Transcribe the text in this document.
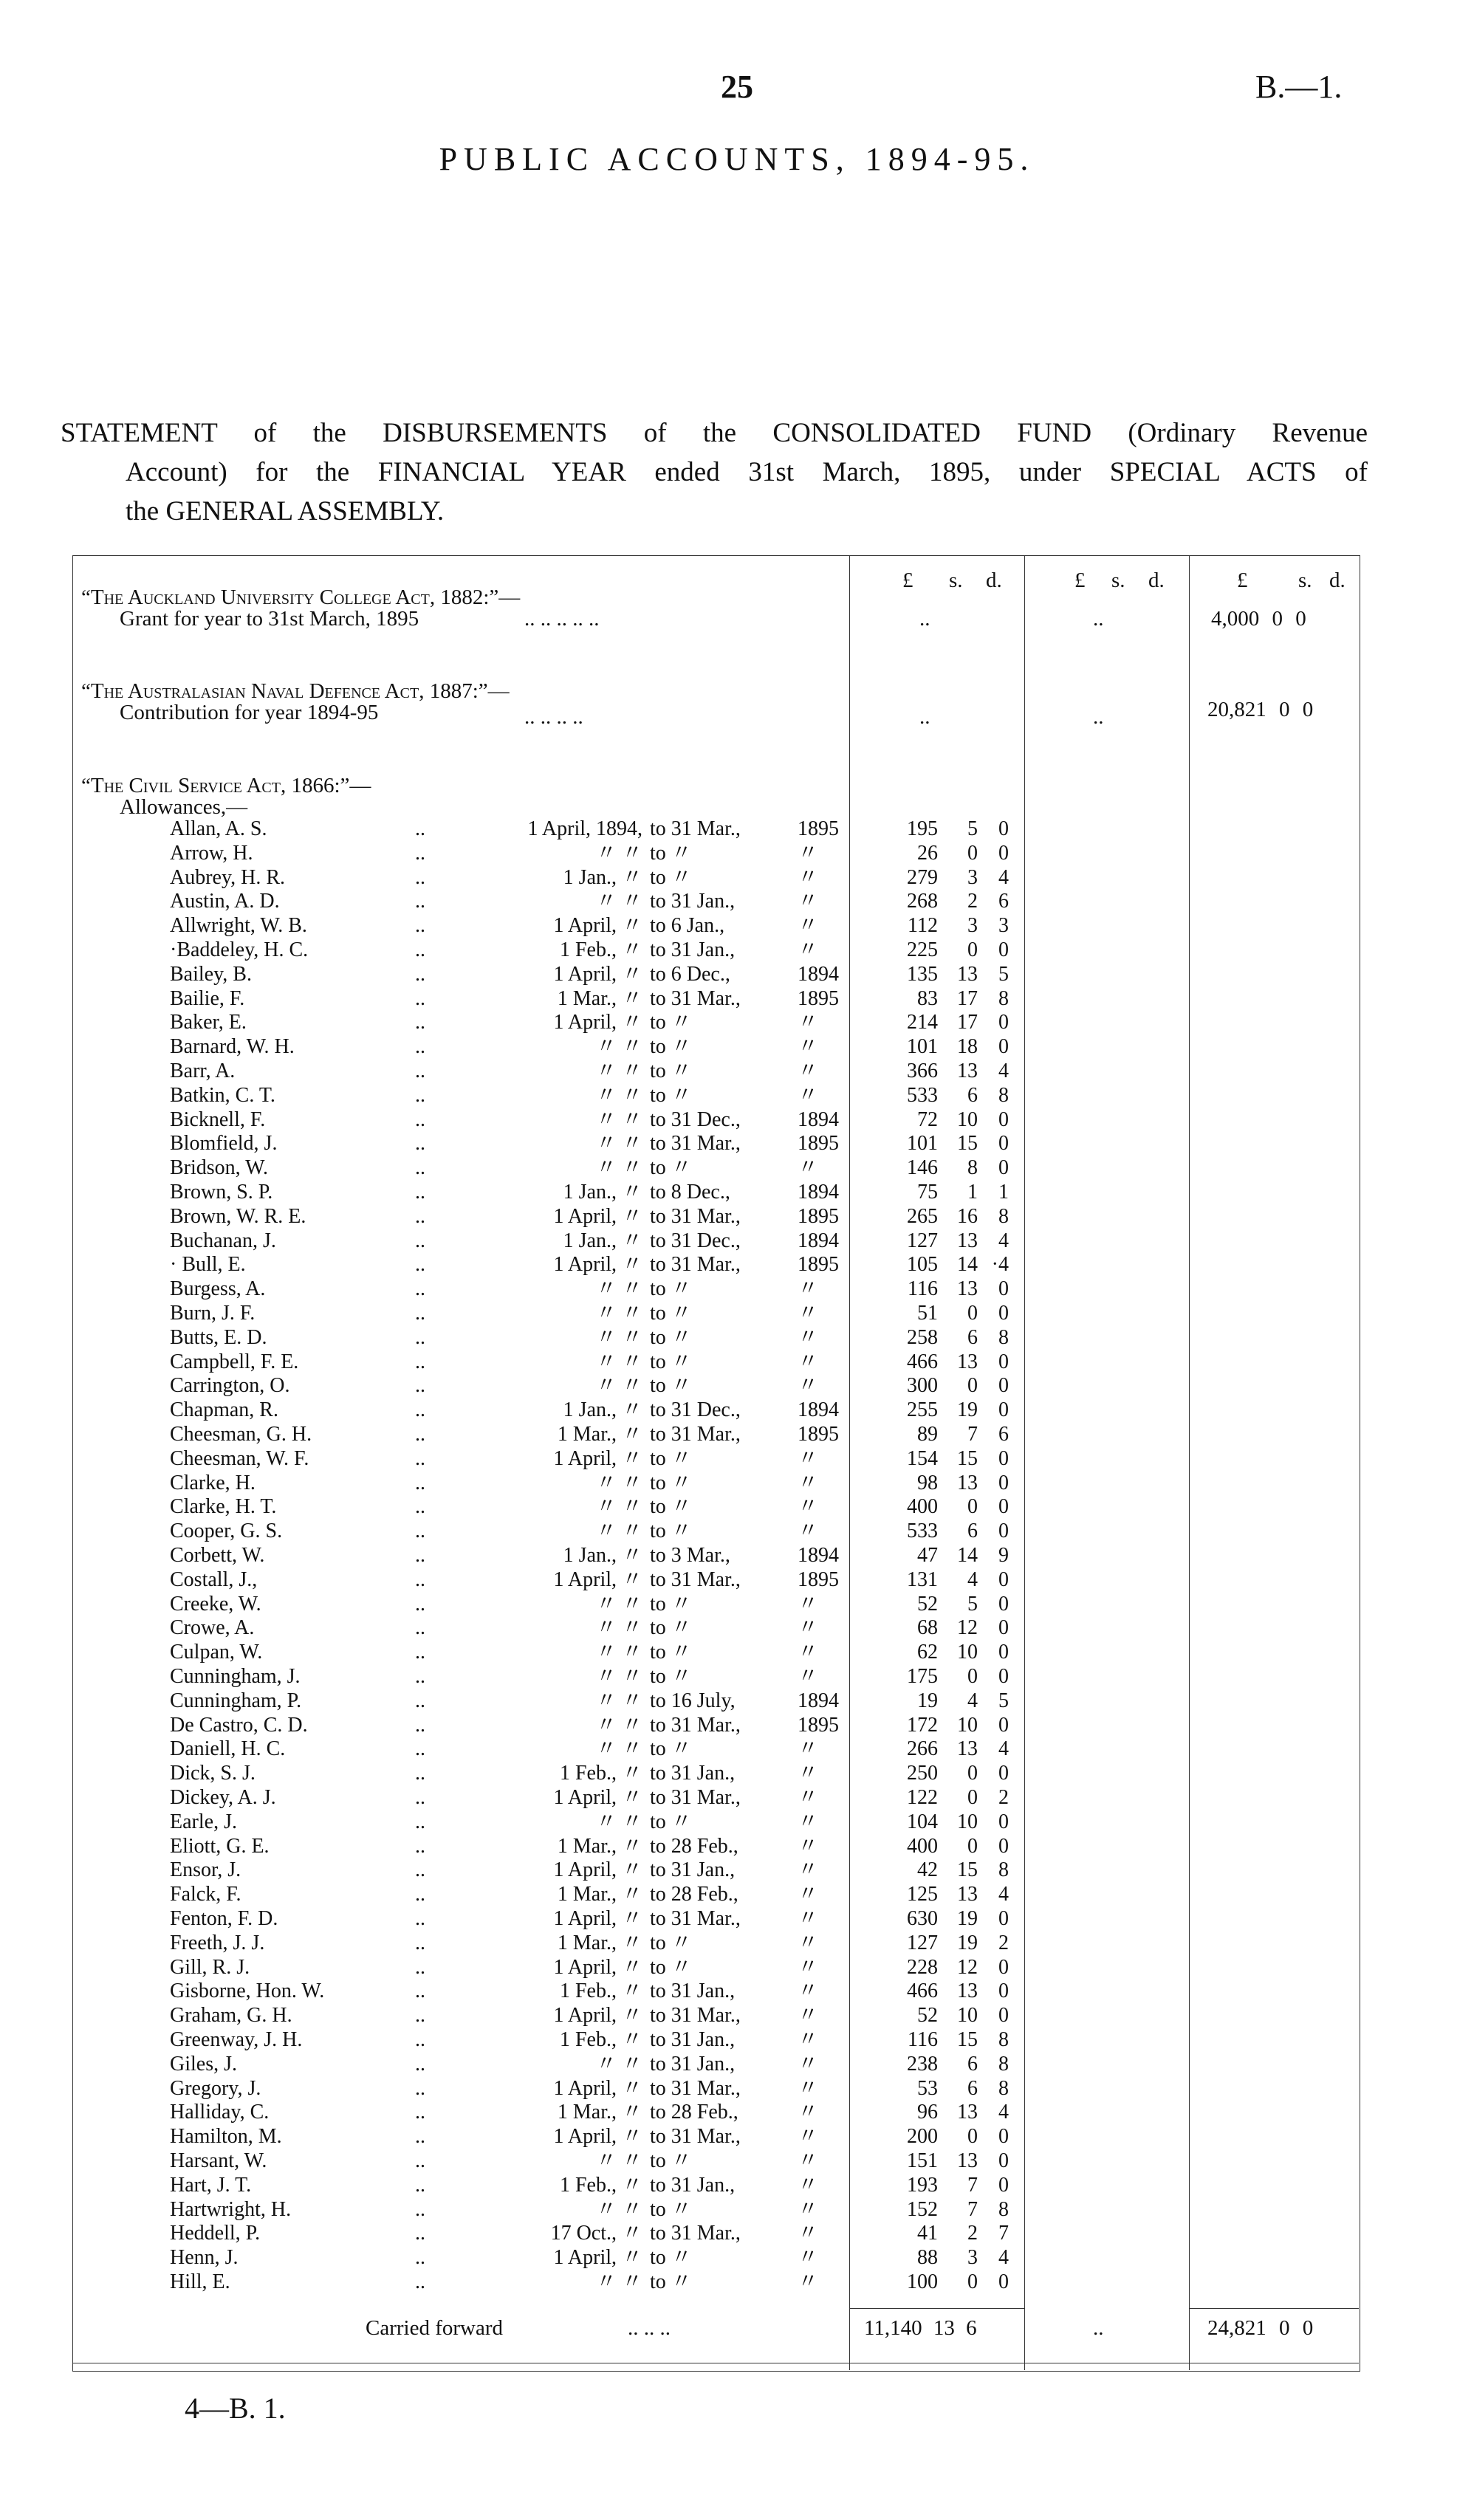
25	B.—1.
PUBLIC ACCOUNTS, 1894-95.
STATEMENT of the DISBURSEMENTS of the CONSOLIDATED FUND (Ordinary Revenue
Account) for the FINANCIAL YEAR ended 31st March, 1895, under SPECIAL ACTS of
the GENERAL ASSEMBLY.
£ s. d.	£ s. d.	£ s. d.
“The Auckland University College Act, 1882:”—
Grant for year to 31st March, 1895	.. .. .. .. ..	..	..	4,000 0 0
“The Australasian Naval Defence Act, 1887:”—
Contribution for year 1894-95	.. .. .. ..	..	..	20,821 0 0
“The Civil Service Act, 1866:”—
Allowances,—
Allan, A. S.	..	1 April, 1894, to 31 Mar.,	1895	195	5	0
Arrow, H.	..	〃 〃 to 〃	〃	26	0	0
Aubrey, H. R.	..	1 Jan., 〃 to 〃	〃	279	3	4
Austin, A. D.	..	〃 〃 to 31 Jan.,	〃	268	2	6
Allwright, W. B.	..	1 April, 〃 to 6 Jan.,	〃	112	3	3
·Baddeley, H. C.	..	1 Feb., 〃 to 31 Jan.,	〃	225	0	0
Bailey, B.	..	1 April, 〃 to 6 Dec.,	1894	135 13	5
Bailie, F.	..	1 Mar., 〃 to 31 Mar.,	1895	83 17	8
Baker, E.	..	1 April, 〃 to 〃	〃	214 17	0
Barnard, W. H.	..	〃 〃 to 〃	〃	101 18	0
Barr, A.	..	〃 〃 to 〃	〃	366 13	4
Batkin, C. T.	..	〃 〃 to 〃	〃	533	6	8
Bicknell, F.	..	〃 〃 to 31 Dec.,	1894	72 10	0
Blomfield, J.	..	〃 〃 to 31 Mar.,	1895	101 15	0
Bridson, W.	..	〃 〃 to 〃	〃	146	8	0
Brown, S. P.	..	1 Jan., 〃 to 8 Dec.,	1894	75	1	1
Brown, W. R. E.	..	1 April, 〃 to 31 Mar.,	1895	265 16	8
Buchanan, J.	..	1 Jan., 〃 to 31 Dec.,	1894	127 13	4
· Bull, E.	..	1 April, 〃 to 31 Mar.,	1895	105 14 ·4
Burgess, A.	..	〃 〃 to 〃	〃	116 13	0
Burn, J. F.	..	〃 〃 to 〃	〃	51	0	0
Butts, E. D.	..	〃 〃 to 〃	〃	258	6	8
Campbell, F. E.	..	〃 〃 to 〃	〃	466 13	0
Carrington, O.	..	〃 〃 to 〃	〃	300	0	0
Chapman, R.	..	1 Jan., 〃 to 31 Dec.,	1894	255 19	0
Cheesman, G. H.	..	1 Mar., 〃 to 31 Mar.,	1895	89	7	6
Cheesman, W. F.	..	1 April, 〃 to 〃	〃	154 15	0
Clarke, H.	..	〃 〃 to 〃	〃	98 13	0
Clarke, H. T.	..	〃 〃 to 〃	〃	400	0	0
Cooper, G. S.	..	〃 〃 to 〃	〃	533	6	0
Corbett, W.	..	1 Jan., 〃 to 3 Mar.,	1894	47 14	9
Costall, J.,	..	1 April, 〃 to 31 Mar.,	1895	131	4	0
Creeke, W.	..	〃 〃 to 〃	〃	52	5	0
Crowe, A.	..	〃 〃 to 〃	〃	68 12	0
Culpan, W.	..	〃 〃 to 〃	〃	62 10	0
Cunningham, J.	..	〃 〃 to 〃	〃	175	0	0
Cunningham, P.	..	〃 〃 to 16 July,	1894	19	4	5
De Castro, C. D.	..	〃 〃 to 31 Mar.,	1895	172 10	0
Daniell, H. C.	..	〃 〃 to 〃	〃	266 13	4
Dick, S. J.	..	1 Feb., 〃 to 31 Jan.,	〃	250	0	0
Dickey, A. J.	..	1 April, 〃 to 31 Mar.,	〃	122	0	2
Earle, J.	..	〃 〃 to 〃	〃	104 10	0
Eliott, G. E.	..	1 Mar., 〃 to 28 Feb.,	〃	400	0	0
Ensor, J.	..	1 April, 〃 to 31 Jan.,	〃	42 15	8
Falck, F.	..	1 Mar., 〃 to 28 Feb.,	〃	125 13	4
Fenton, F. D.	..	1 April, 〃 to 31 Mar.,	〃	630 19	0
Freeth, J. J.	..	1 Mar., 〃 to 〃	〃	127 19	2
Gill, R. J.	..	1 April, 〃 to 〃	〃	228 12	0
Gisborne, Hon. W.	..	1 Feb., 〃 to 31 Jan.,	〃	466 13	0
Graham, G. H.	..	1 April, 〃 to 31 Mar.,	〃	52 10	0
Greenway, J. H.	..	1 Feb., 〃 to 31 Jan.,	〃	116 15	8
Giles, J.	..	〃 〃 to 31 Jan.,	〃	238	6	8
Gregory, J.	..	1 April, 〃 to 31 Mar.,	〃	53	6	8
Halliday, C.	..	1 Mar., 〃 to 28 Feb.,	〃	96 13	4
Hamilton, M.	..	1 April, 〃 to 31 Mar.,	〃	200	0	0
Harsant, W.	..	〃 〃 to 〃	〃	151 13	0
Hart, J. T.	..	1 Feb., 〃 to 31 Jan.,	〃	193	7	0
Hartwright, H.	..	〃 〃 to 〃	〃	152	7	8
Heddell, P.	..	17 Oct., 〃 to 31 Mar.,	〃	41	2	7
Henn, J.	..	1 April, 〃 to 〃	〃	88	3	4
Hill, E.	..	〃 〃 to 〃	〃	100	0	0
Carried forward	.. .. ..	11,140 13 6	..	24,821 0 0
4—B. 1.
